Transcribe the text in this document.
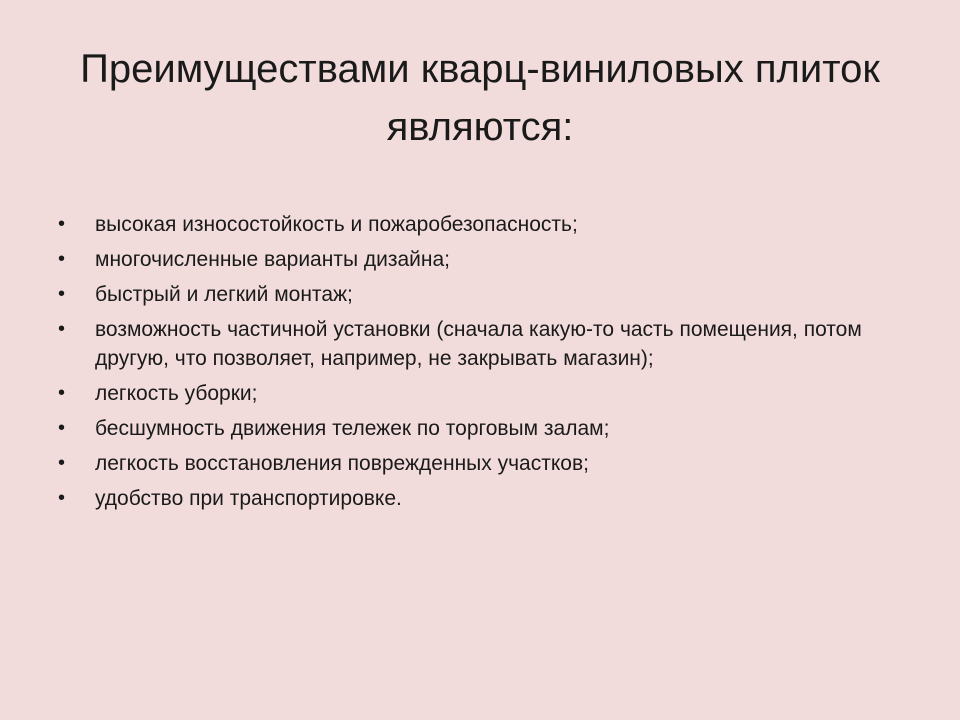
Преимуществами кварц-виниловых плиток являются:
• высокая износостойкость и пожаробезопасность;
• многочисленные варианты дизайна;
• быстрый и легкий монтаж;
• возможность частичной установки (сначала какую-то часть помещения, потом другую, что позволяет, например, не закрывать магазин);
• легкость уборки;
• бесшумность движения тележек по торговым залам;
• легкость восстановления поврежденных участков;
• удобство при транспортировке.
